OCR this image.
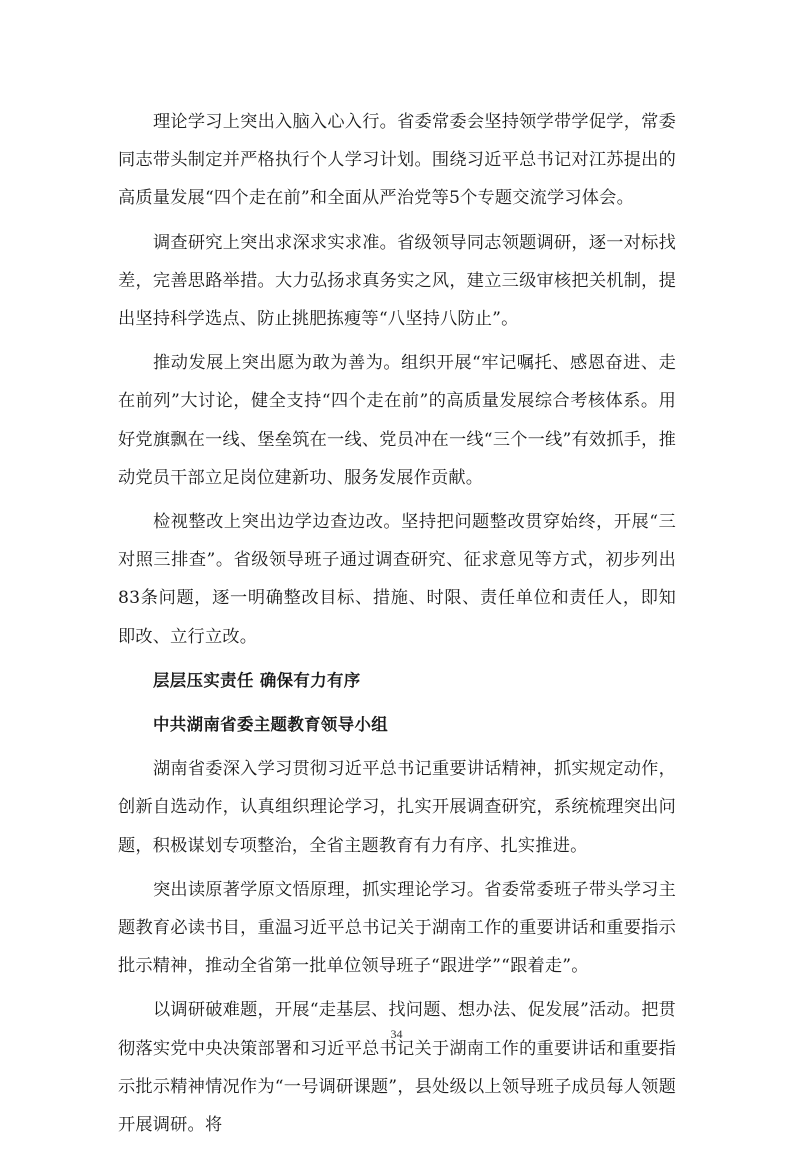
理论学习上突出入脑入心入行。省委常委会坚持领学带学促学，常委同志带头制定并严格执行个人学习计划。围绕习近平总书记对江苏提出的高质量发展“四个走在前”和全面从严治党等5个专题交流学习体会。

调查研究上突出求深求实求准。省级领导同志领题调研，逐一对标找差，完善思路举措。大力弘扬求真务实之风，建立三级审核把关机制，提出坚持科学选点、防止挑肥拣瘦等“八坚持八防止”。

推动发展上突出愿为敢为善为。组织开展“牢记嘱托、感恩奋进、走在前列”大讨论，健全支持“四个走在前”的高质量发展综合考核体系。用好党旗飘在一线、堡垒筑在一线、党员冲在一线“三个一线”有效抓手，推动党员干部立足岗位建新功、服务发展作贡献。

检视整改上突出边学边查边改。坚持把问题整改贯穿始终，开展“三对照三排查”。省级领导班子通过调查研究、征求意见等方式，初步列出83条问题，逐一明确整改目标、措施、时限、责任单位和责任人，即知即改、立行立改。

层层压实责任 确保有力有序

中共湖南省委主题教育领导小组

湖南省委深入学习贯彻习近平总书记重要讲话精神，抓实规定动作，创新自选动作，认真组织理论学习，扎实开展调查研究，系统梳理突出问题，积极谋划专项整治，全省主题教育有力有序、扎实推进。

突出读原著学原文悟原理，抓实理论学习。省委常委班子带头学习主题教育必读书目，重温习近平总书记关于湖南工作的重要讲话和重要指示批示精神，推动全省第一批单位领导班子“跟进学”“跟着走”。

以调研破难题，开展“走基层、找问题、想办法、促发展”活动。把贯彻落实党中央决策部署和习近平总书记关于湖南工作的重要讲话和重要指示批示精神情况作为“一号调研课题”，县处级以上领导班子成员每人领题开展调研。将

34
